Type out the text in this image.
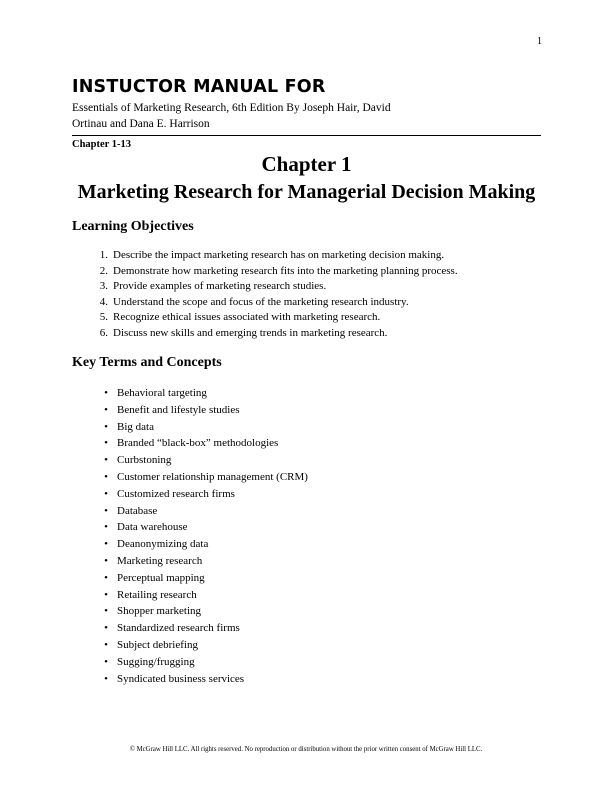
1
INSTUCTOR MANUAL FOR
Essentials of Marketing Research, 6th Edition By Joseph Hair, David
Ortinau and Dana E. Harrison
Chapter 1-13
Chapter 1
Marketing Research for Managerial Decision Making
Learning Objectives
1. Describe the impact marketing research has on marketing decision making.
2. Demonstrate how marketing research fits into the marketing planning process.
3. Provide examples of marketing research studies.
4. Understand the scope and focus of the marketing research industry.
5. Recognize ethical issues associated with marketing research.
6. Discuss new skills and emerging trends in marketing research.
Key Terms and Concepts
• Behavioral targeting
• Benefit and lifestyle studies
• Big data
• Branded “black-box” methodologies
• Curbstoning
• Customer relationship management (CRM)
• Customized research firms
• Database
• Data warehouse
• Deanonymizing data
• Marketing research
• Perceptual mapping
• Retailing research
• Shopper marketing
• Standardized research firms
• Subject debriefing
• Sugging/frugging
• Syndicated business services
© McGraw Hill LLC. All rights reserved. No reproduction or distribution without the prior written consent of McGraw Hill LLC.
